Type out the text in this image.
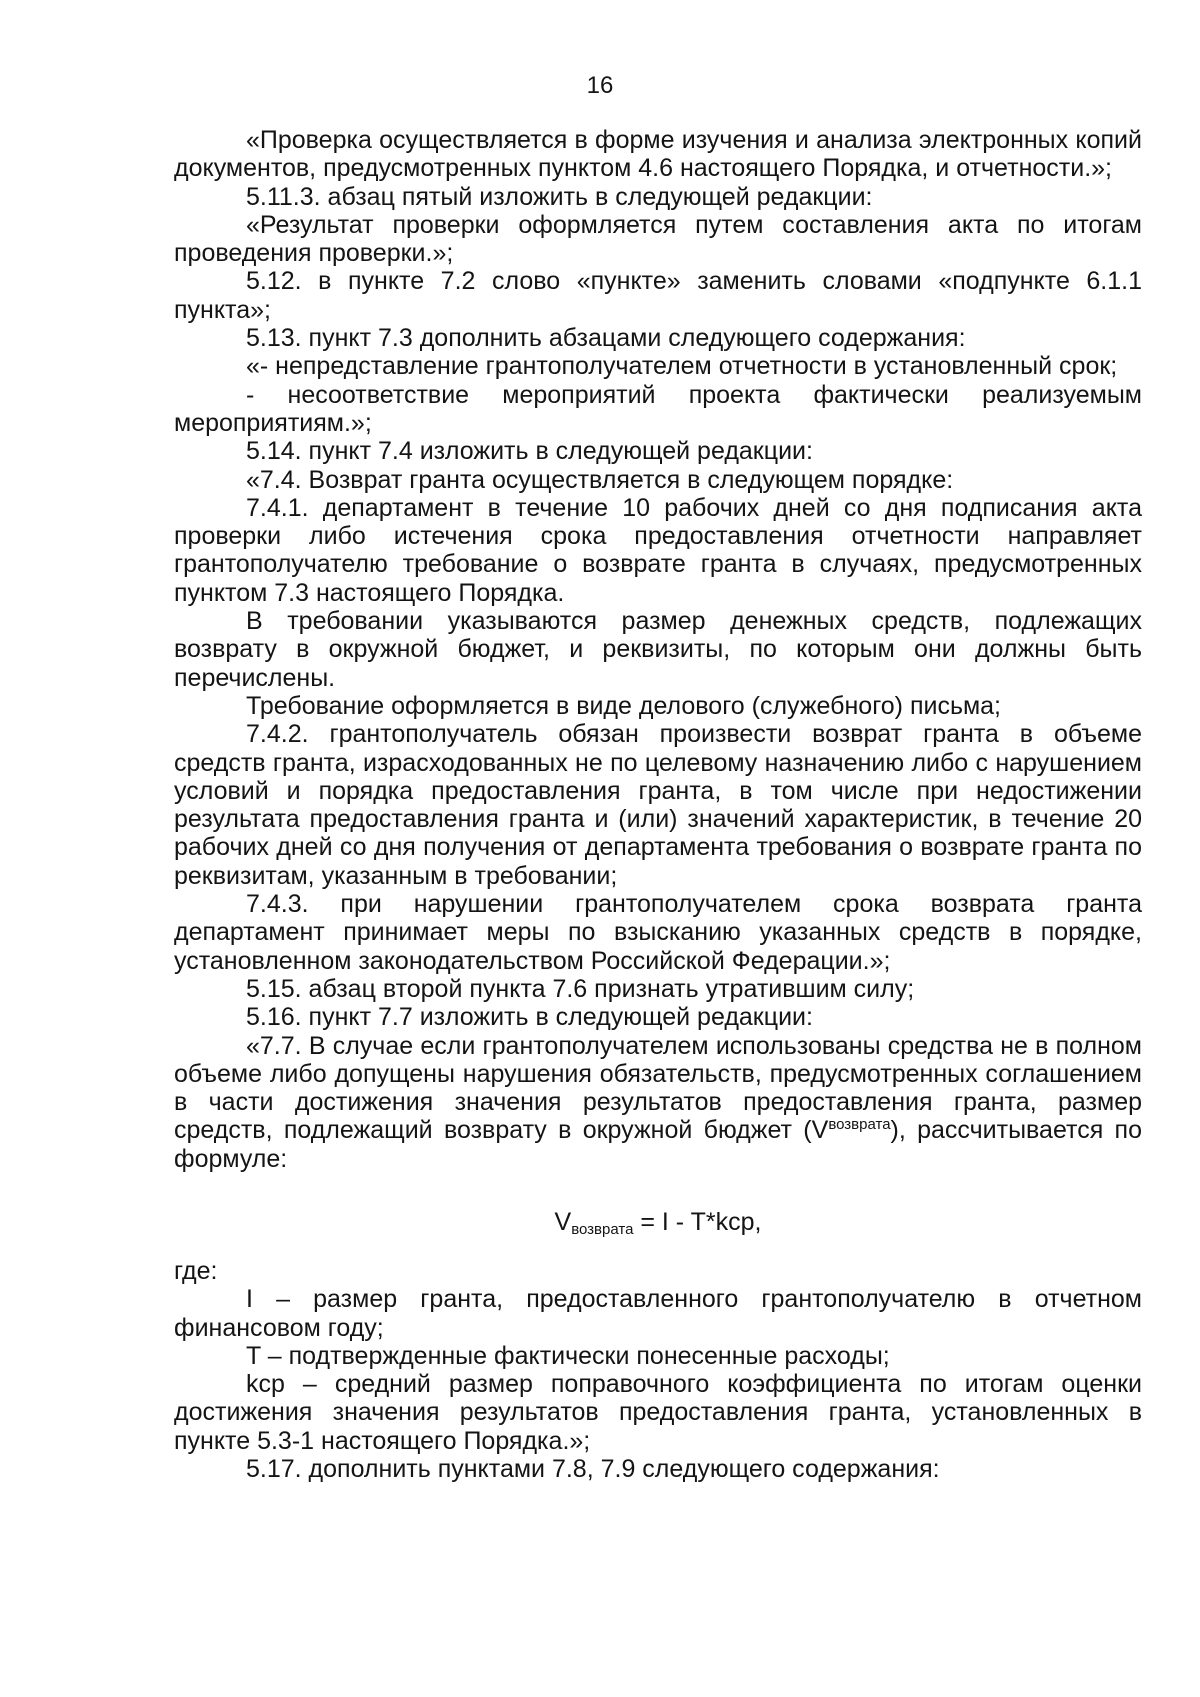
16

«Проверка осуществляется в форме изучения и анализа электронных копий документов, предусмотренных пунктом 4.6 настоящего Порядка, и отчетности.»;

5.11.3. абзац пятый изложить в следующей редакции:

«Результат проверки оформляется путем составления акта по итогам проведения проверки.»;

5.12. в пункте 7.2 слово «пункте» заменить словами «подпункте 6.1.1 пункта»;

5.13. пункт 7.3 дополнить абзацами следующего содержания:

«- непредставление грантополучателем отчетности в установленный срок;

- несоответствие мероприятий проекта фактически реализуемым мероприятиям.»;

5.14. пункт 7.4 изложить в следующей редакции:

«7.4. Возврат гранта осуществляется в следующем порядке:

7.4.1. департамент в течение 10 рабочих дней со дня подписания акта проверки либо истечения срока предоставления отчетности направляет грантополучателю требование о возврате гранта в случаях, предусмотренных пунктом 7.3 настоящего Порядка.

В требовании указываются размер денежных средств, подлежащих возврату в окружной бюджет, и реквизиты, по которым они должны быть перечислены.

Требование оформляется в виде делового (служебного) письма;

7.4.2. грантополучатель обязан произвести возврат гранта в объеме средств гранта, израсходованных не по целевому назначению либо с нарушением условий и порядка предоставления гранта, в том числе при недостижении результата предоставления гранта и (или) значений характеристик, в течение 20 рабочих дней со дня получения от департамента требования о возврате гранта по реквизитам, указанным в требовании;

7.4.3. при нарушении грантополучателем срока возврата гранта департамент принимает меры по взысканию указанных средств в порядке, установленном законодательством Российской Федерации.»;

5.15. абзац второй пункта 7.6 признать утратившим силу;

5.16. пункт 7.7 изложить в следующей редакции:

«7.7. В случае если грантополучателем использованы средства не в полном объеме либо допущены нарушения обязательств, предусмотренных соглашением в части достижения значения результатов предоставления гранта, размер средств, подлежащий возврату в окружной бюджет $(V^{возврата})$, рассчитывается по формуле:

$V_{возврата} = I - T*kcp$,

где:

I – размер гранта, предоставленного грантополучателю в отчетном финансовом году;

T – подтвержденные фактически понесенные расходы;

kcp – средний размер поправочного коэффициента по итогам оценки достижения значения результатов предоставления гранта, установленных в пункте 5.3-1 настоящего Порядка.»;

5.17. дополнить пунктами 7.8, 7.9 следующего содержания:
